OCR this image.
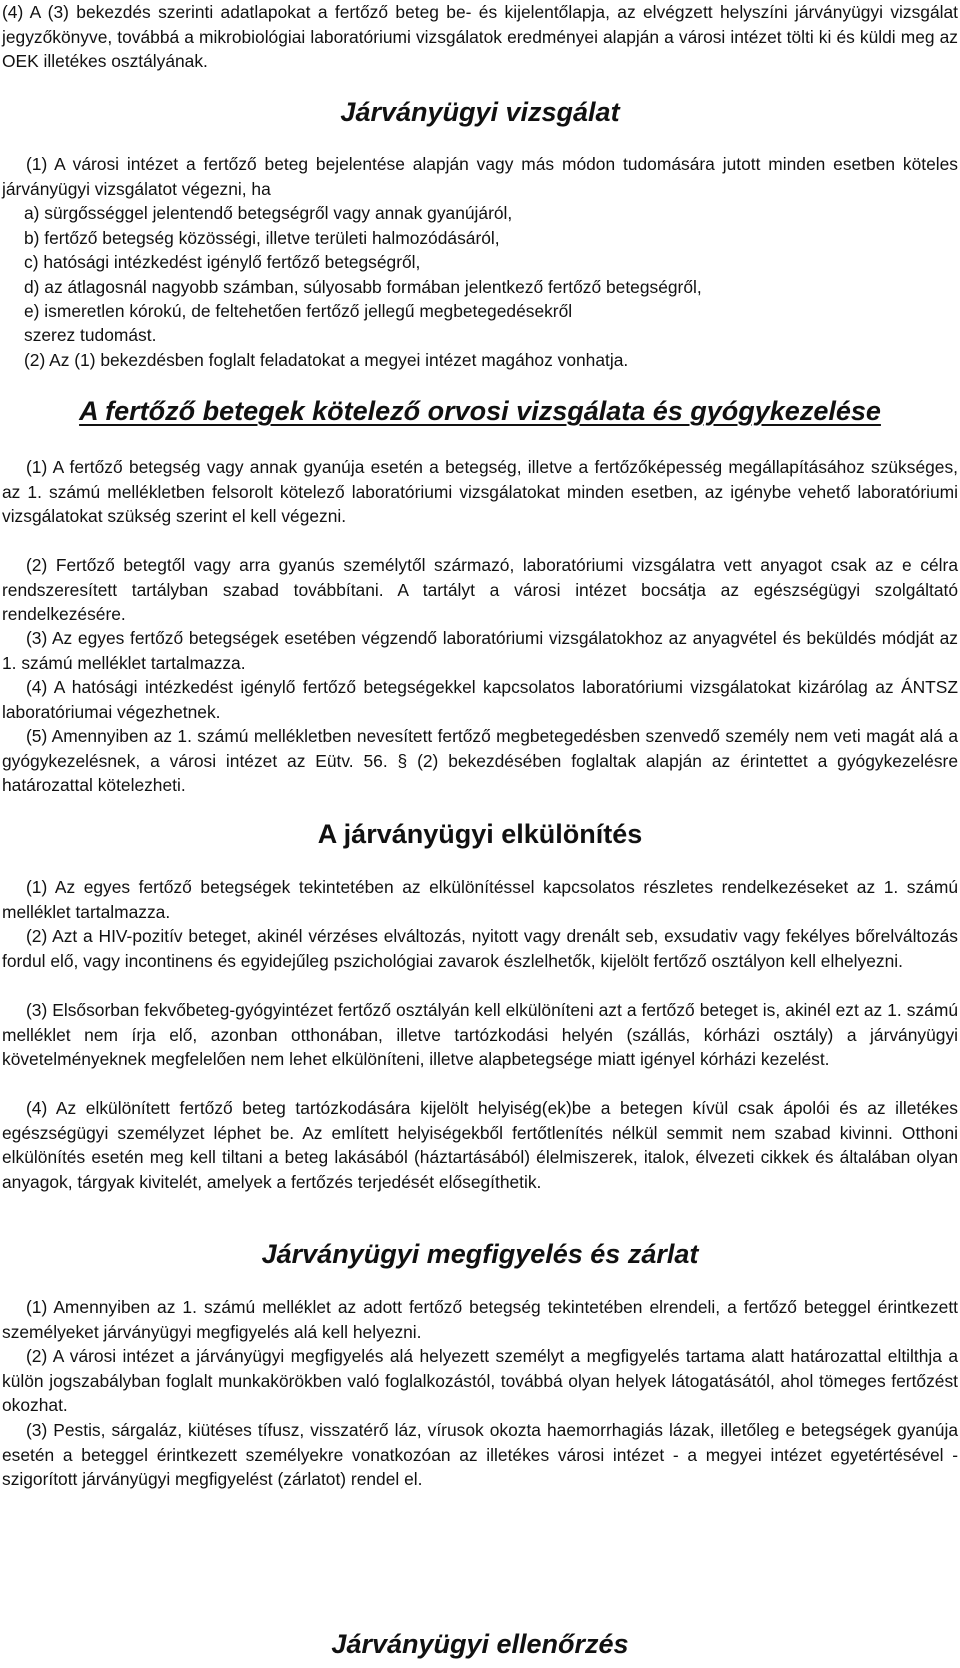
(4) A (3) bekezdés szerinti adatlapokat a fertőző beteg be- és kijelentőlapja, az elvégzett helyszíni járványügyi vizsgálat jegyzőkönyve, továbbá a mikrobiológiai laboratóriumi vizsgálatok eredményei alapján a városi intézet tölti ki és küldi meg az OEK illetékes osztályának.

Járványügyi vizsgálat

(1) A városi intézet a fertőző beteg bejelentése alapján vagy más módon tudomására jutott minden esetben köteles járványügyi vizsgálatot végezni, ha

a) sürgősséggel jelentendő betegségről vagy annak gyanújáról,

b) fertőző betegség közösségi, illetve területi halmozódásáról,

c) hatósági intézkedést igénylő fertőző betegségről,

d) az átlagosnál nagyobb számban, súlyosabb formában jelentkező fertőző betegségről,

e) ismeretlen kórokú, de feltehetően fertőző jellegű megbetegedésekről

szerez tudomást.

(2) Az (1) bekezdésben foglalt feladatokat a megyei intézet magához vonhatja.

A fertőző betegek kötelező orvosi vizsgálata és gyógykezelése

(1) A fertőző betegség vagy annak gyanúja esetén a betegség, illetve a fertőzőképesség megállapításához szükséges, az 1. számú mellékletben felsorolt kötelező laboratóriumi vizsgálatokat minden esetben, az igénybe vehető laboratóriumi vizsgálatokat szükség szerint el kell végezni.

(2) Fertőző betegtől vagy arra gyanús személytől származó, laboratóriumi vizsgálatra vett anyagot csak az e célra rendszeresített tartályban szabad továbbítani. A tartályt a városi intézet bocsátja az egészségügyi szolgáltató rendelkezésére.

(3) Az egyes fertőző betegségek esetében végzendő laboratóriumi vizsgálatokhoz az anyagvétel és beküldés módját az 1. számú melléklet tartalmazza.

(4) A hatósági intézkedést igénylő fertőző betegségekkel kapcsolatos laboratóriumi vizsgálatokat kizárólag az ÁNTSZ laboratóriumai végezhetnek.

(5) Amennyiben az 1. számú mellékletben nevesített fertőző megbetegedésben szenvedő személy nem veti magát alá a gyógykezelésnek, a városi intézet az Eütv. 56. § (2) bekezdésében foglaltak alapján az érintettet a gyógykezelésre határozattal kötelezheti.

A járványügyi elkülönítés

(1) Az egyes fertőző betegségek tekintetében az elkülönítéssel kapcsolatos részletes rendelkezéseket az 1. számú melléklet tartalmazza.

(2) Azt a HIV-pozitív beteget, akinél vérzéses elváltozás, nyitott vagy drenált seb, exsudativ vagy fekélyes bőrelváltozás fordul elő, vagy incontinens és egyidejűleg pszichológiai zavarok észlelhetők, kijelölt fertőző osztályon kell elhelyezni.

(3) Elsősorban fekvőbeteg-gyógyintézet fertőző osztályán kell elkülöníteni azt a fertőző beteget is, akinél ezt az 1. számú melléklet nem írja elő, azonban otthonában, illetve tartózkodási helyén (szállás, kórházi osztály) a járványügyi követelményeknek megfelelően nem lehet elkülöníteni, illetve alapbetegsége miatt igényel kórházi kezelést.

(4) Az elkülönített fertőző beteg tartózkodására kijelölt helyiség(ek)be a betegen kívül csak ápolói és az illetékes egészségügyi személyzet léphet be. Az említett helyiségekből fertőtlenítés nélkül semmit nem szabad kivinni. Otthoni elkülönítés esetén meg kell tiltani a beteg lakásából (háztartásából) élelmiszerek, italok, élvezeti cikkek és általában olyan anyagok, tárgyak kivitelét, amelyek a fertőzés terjedését elősegíthetik.

Járványügyi megfigyelés és zárlat

(1) Amennyiben az 1. számú melléklet az adott fertőző betegség tekintetében elrendeli, a fertőző beteggel érintkezett személyeket járványügyi megfigyelés alá kell helyezni.

(2) A városi intézet a járványügyi megfigyelés alá helyezett személyt a megfigyelés tartama alatt határozattal eltilthja a külön jogszabályban foglalt munkakörökben való foglalkozástól, továbbá olyan helyek látogatásától, ahol tömeges fertőzést okozhat.

(3) Pestis, sárgaláz, kiütéses tífusz, visszatérő láz, vírusok okozta haemorrhagiás lázak, illetőleg e betegségek gyanúja esetén a beteggel érintkezett személyekre vonatkozóan az illetékes városi intézet - a megyei intézet egyetértésével - szigorított járványügyi megfigyelést (zárlatot) rendel el.

Járványügyi ellenőrzés
